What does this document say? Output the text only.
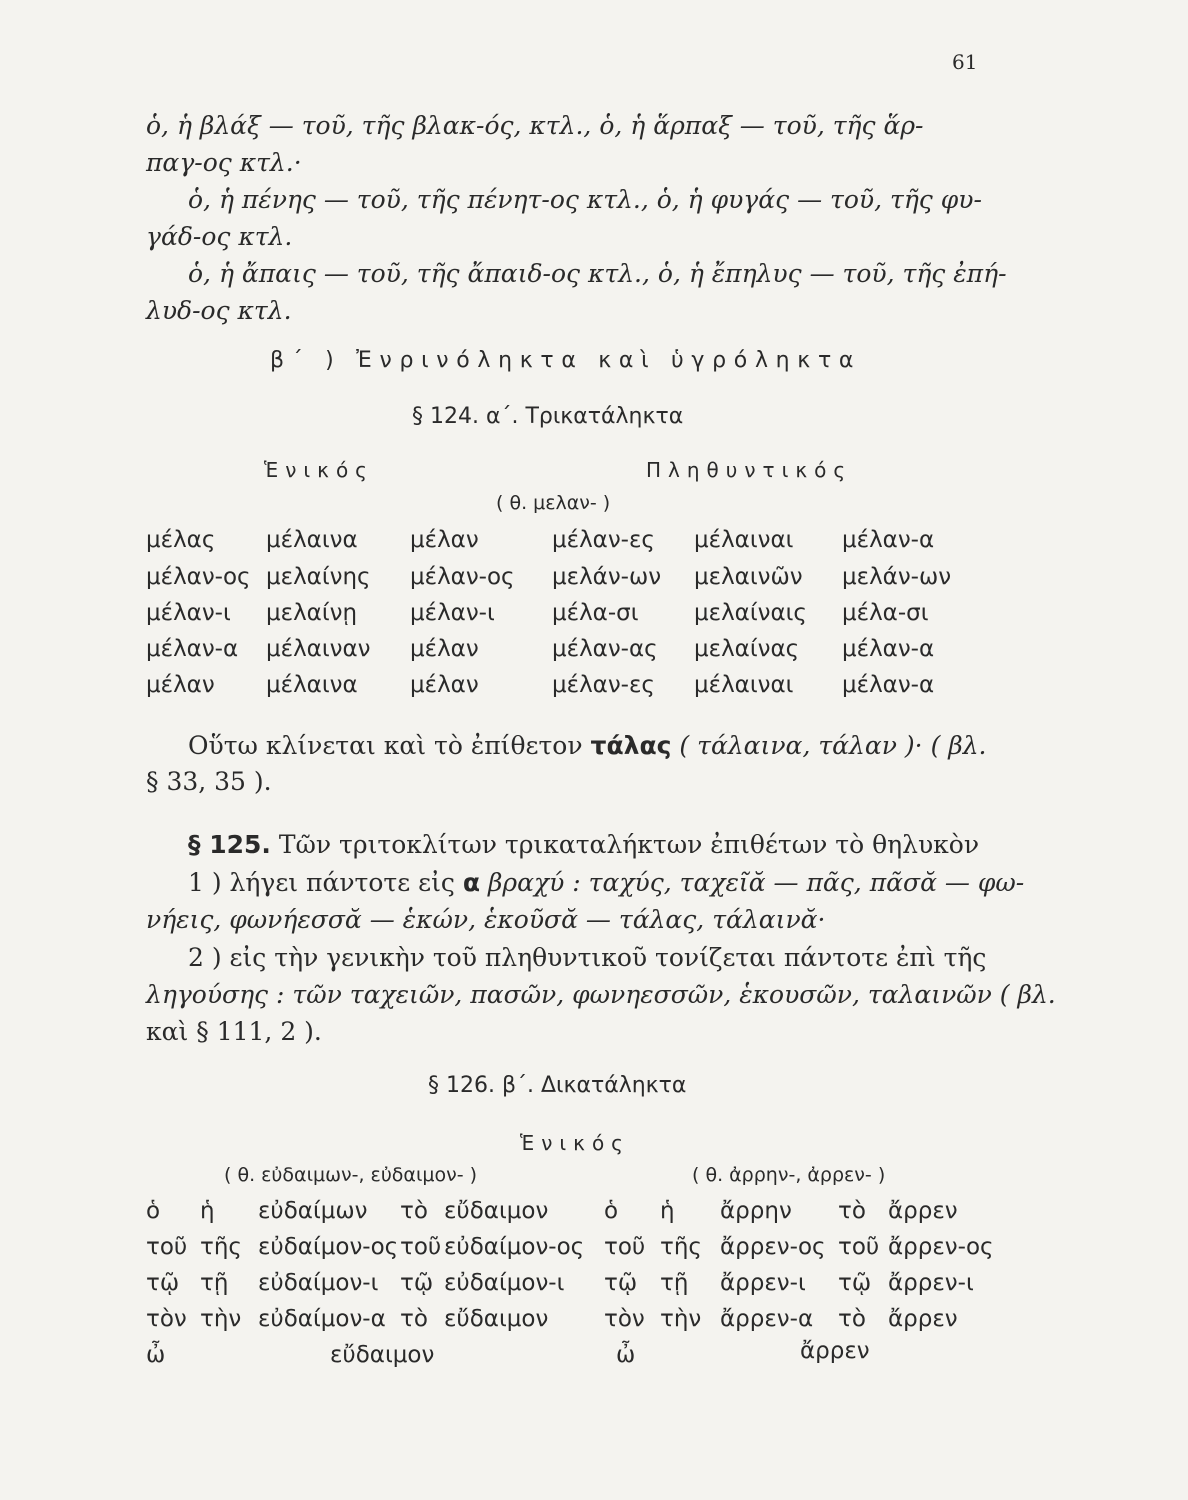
61
ὁ, ἡ βλάξ — τοῦ, τῆς βλακ-ός, κτλ., ὁ, ἡ ἅρπαξ — τοῦ, τῆς ἅρ-
παγ-ος κτλ.·
ὁ, ἡ πένης — τοῦ, τῆς πένητ-ος κτλ., ὁ, ἡ φυγάς — τοῦ, τῆς φυ-
γάδ-ος κτλ.
ὁ, ἡ ἄπαις — τοῦ, τῆς ἄπαιδ-ος κτλ., ὁ, ἡ ἔπηλυς — τοῦ, τῆς ἐπή-
λυδ-ος κτλ.
β΄ ) Ἐνρινόληκτα καὶ ὑγρόληκτα
§ 124. α΄. Τρικατάληκτα
Ἑνικός	Πληθυντικός
( θ. μελαν- )
μέλας μέλαινα μέλαν	μέλαν-ες μέλαιναι μέλαν-α
μέλαν-ος μελαίνης μέλαν-ος μελάν-ων μελαινῶν μελάν-ων
μέλαν-ι μελαίνῃ μέλαν-ι μέλα-σι μελαίναις μέλα-σι
μέλαν-α μέλαιναν μέλαν	μέλαν-ας μελαίνας μέλαν-α
μέλαν μέλαινα μέλαν	μέλαν-ες μέλαιναι μέλαν-α
Οὕτω κλίνεται καὶ τὸ ἐπίθετον τάλας ( τάλαινα, τάλαν )· ( βλ.
§ 33, 35 ).
§ 125. Τῶν τριτοκλίτων τρικαταλήκτων ἐπιθέτων τὸ θηλυκὸν
1 ) λήγει πάντοτε εἰς α βραχύ : ταχύς, ταχεῖᾰ — πᾶς, πᾶσᾰ — φω-
νήεις, φωνήεσσᾰ — ἑκών, ἑκοῦσᾰ — τάλας, τάλαινᾰ·
2 ) εἰς τὴν γενικὴν τοῦ πληθυντικοῦ τονίζεται πάντοτε ἐπὶ τῆς
ληγούσης : τῶν ταχειῶν, πασῶν, φωνηεσσῶν, ἑκουσῶν, ταλαινῶν ( βλ.
καὶ § 111, 2 ).
§ 126. β΄. Δικατάληκτα
Ἑνικός
( θ. εὐδαιμων-, εὐδαιμον- )	( θ. ἀρρην-, ἀρρεν- )
ὁ ἡ εὐδαίμων τὸ εὔδαιμον ὁ ἡ ἄρρην τὸ ἄρρεν
τοῦ τῆς εὐδαίμον-ος τοῦ εὐδαίμον-ος τοῦ τῆς ἄρρεν-ος τοῦ ἄρρεν-ος
τῷ τῇ εὐδαίμον-ι τῷ εὐδαίμον-ι τῷ τῇ ἄρρεν-ι τῷ ἄρρεν-ι
τὸν τὴν εὐδαίμον-α τὸ εὔδαιμον τὸν τὴν ἄρρεν-α τὸ ἄρρεν
ὦ	εὔδαιμον	ὦ	ἄρρεν
